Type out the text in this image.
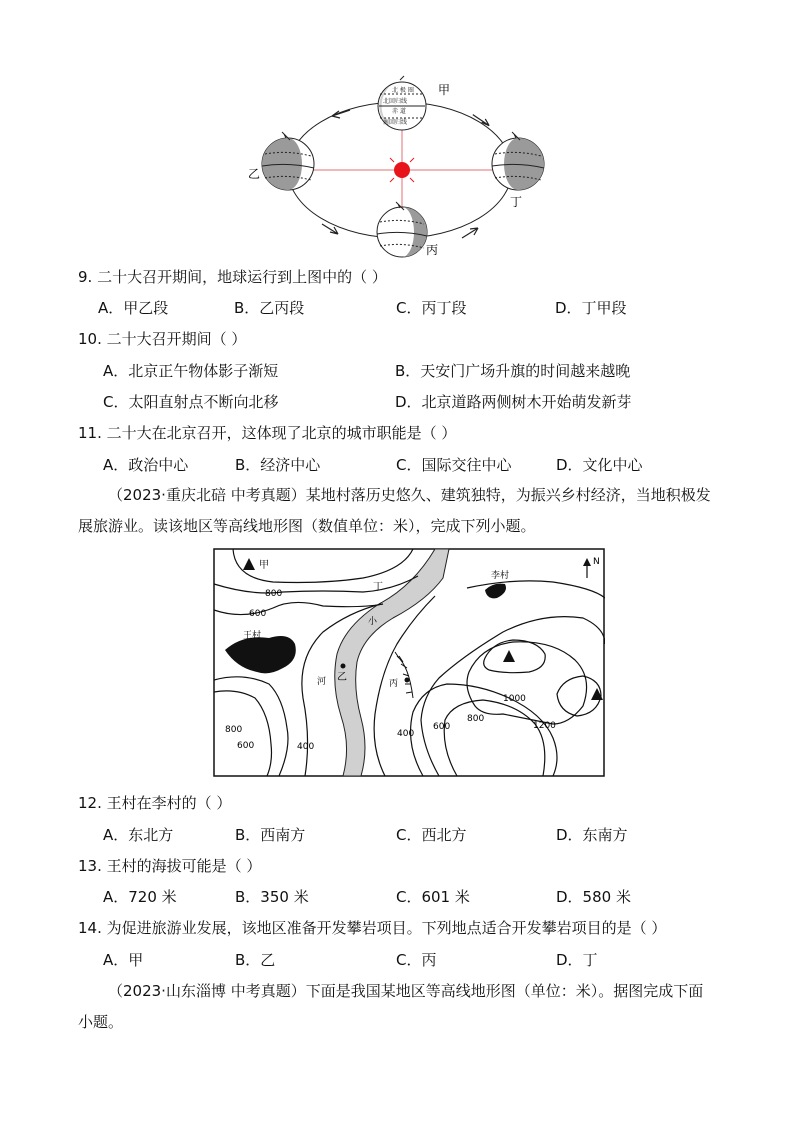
北 极 圈
北回归线
赤 道
南回归线
甲
乙
丁
丙
9. 二十大召开期间，地球运行到上图中的（ ）
A．甲乙段	B．乙丙段	C．丙丁段	D．丁甲段
10. 二十大召开期间（ ）
A．北京正午物体影子渐短	B．天安门广场升旗的时间越来越晚
C．太阳直射点不断向北移	D．北京道路两侧树木开始萌发新芽
11. 二十大在北京召开，这体现了北京的城市职能是（ ）
A．政治中心	B．经济中心	C．国际交往中心	D．文化中心
（2023·重庆北碚 中考真题）某地村落历史悠久、建筑独特，为振兴乡村经济，当地积极发展旅游业。读该地区等高线地形图（数值单位：米），完成下列小题。
甲
李村
王村
丁
乙
丙
小
河
N
800
600
800
600	400
400
600
800
1000
1200
12. 王村在李村的（ ）
A．东北方	B．西南方	C．西北方	D．东南方
13. 王村的海拔可能是（ ）
A．720 米	B．350 米	C．601 米	D．580 米
14. 为促进旅游业发展，该地区准备开发攀岩项目。下列地点适合开发攀岩项目的是（ ）
A．甲	B．乙	C．丙	D．丁
（2023·山东淄博 中考真题）下面是我国某地区等高线地形图（单位：米）。据图完成下面小题。
